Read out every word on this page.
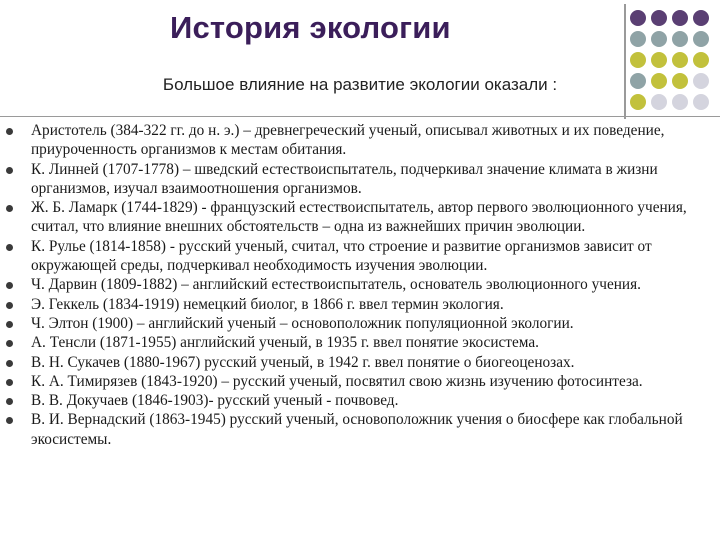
История экологии
Большое влияние на развитие экологии оказали :
Аристотель (384-322 гг. до н. э.) – древнегреческий ученый, описывал животных и их поведение, приуроченность организмов к местам обитания.
К. Линней (1707-1778) – шведский естествоиспытатель, подчеркивал значение климата в жизни организмов, изучал взаимоотношения организмов.
Ж. Б. Ламарк (1744-1829) - французский естествоиспытатель, автор первого эволюционного учения, считал, что влияние внешних обстоятельств – одна из важнейших причин эволюции.
К. Рулье (1814-1858) - русский ученый, считал, что строение и развитие организмов зависит от окружающей среды, подчеркивал необходимость изучения эволюции.
Ч. Дарвин (1809-1882) – английский естествоиспытатель, основатель эволюционного учения.
Э. Геккель (1834-1919) немецкий биолог, в 1866 г. ввел термин экология.
Ч. Элтон (1900) – английский ученый – основоположник популяционной экологии.
А. Тенсли (1871-1955) английский ученый, в 1935 г. ввел понятие экосистема.
В. Н. Сукачев (1880-1967) русский ученый, в 1942 г. ввел понятие о биогеоценозах.
К. А. Тимирязев (1843-1920) – русский ученый, посвятил свою жизнь изучению фотосинтеза.
В. В. Докучаев (1846-1903)- русский ученый - почвовед.
В. И. Вернадский (1863-1945) русский ученый, основоположник учения о биосфере как глобальной экосистемы.
